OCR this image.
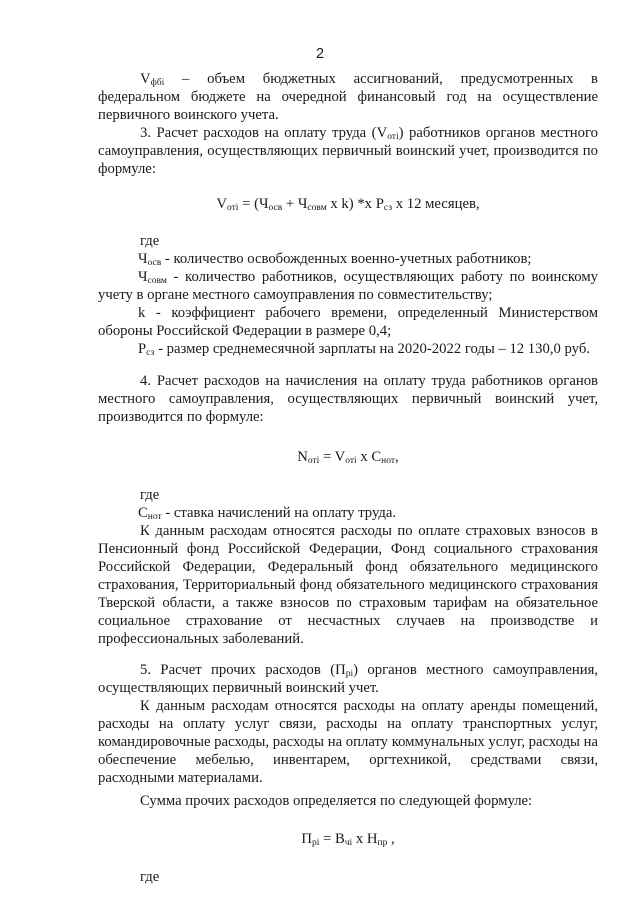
2

$V_{фбi}$ – объем бюджетных ассигнований, предусмотренных в федеральном бюджете на очередной финансовый год на осуществление первичного воинского учета.

3. Расчет расходов на оплату труда $(V_{отi})$ работников органов местного самоуправления, осуществляющих первичный воинский учет, производится по формуле:

$V_{отi} = (Ч_{осв} + Ч_{совм}$ x k) *x $Р_{сз}$ x 12 месяцев,

где

$Ч_{осв}$ - количество освобожденных военно-учетных работников;

$Ч_{совм}$ - количество работников, осуществляющих работу по воинскому учету в органе местного самоуправления по совместительству;

k - коэффициент рабочего времени, определенный Министерством обороны Российской Федерации в размере 0,4;

$Р_{сз}$ - размер среднемесячной зарплаты на 2020-2022 годы – 12 130,0 руб.

4. Расчет расходов на начисления на оплату труда работников органов местного самоуправления, осуществляющих первичный воинский учет, производится по формуле:

$N_{отi} = V_{отi}$ x $С_{нот}$,

где

$С_{нот}$ - ставка начислений на оплату труда.

К данным расходам относятся расходы по оплате страховых взносов в Пенсионный фонд Российской Федерации, Фонд социального страхования Российской Федерации, Федеральный фонд обязательного медицинского страхования, Территориальный фонд обязательного медицинского страхования Тверской области, а также взносов по страховым тарифам на обязательное социальное страхование от несчастных случаев на производстве и профессиональных заболеваний.

5. Расчет прочих расходов $(П_{рi})$ органов местного самоуправления, осуществляющих первичный воинский учет.

К данным расходам относятся расходы на оплату аренды помещений, расходы на оплату услуг связи, расходы на оплату транспортных услуг, командировочные расходы, расходы на оплату коммунальных услуг, расходы на обеспечение мебелью, инвентарем, оргтехникой, средствами связи, расходными материалами.

Сумма прочих расходов определяется по следующей формуле:

$П_{рi} = В_{чi}$ x $Н_{пр}$ ,

где
